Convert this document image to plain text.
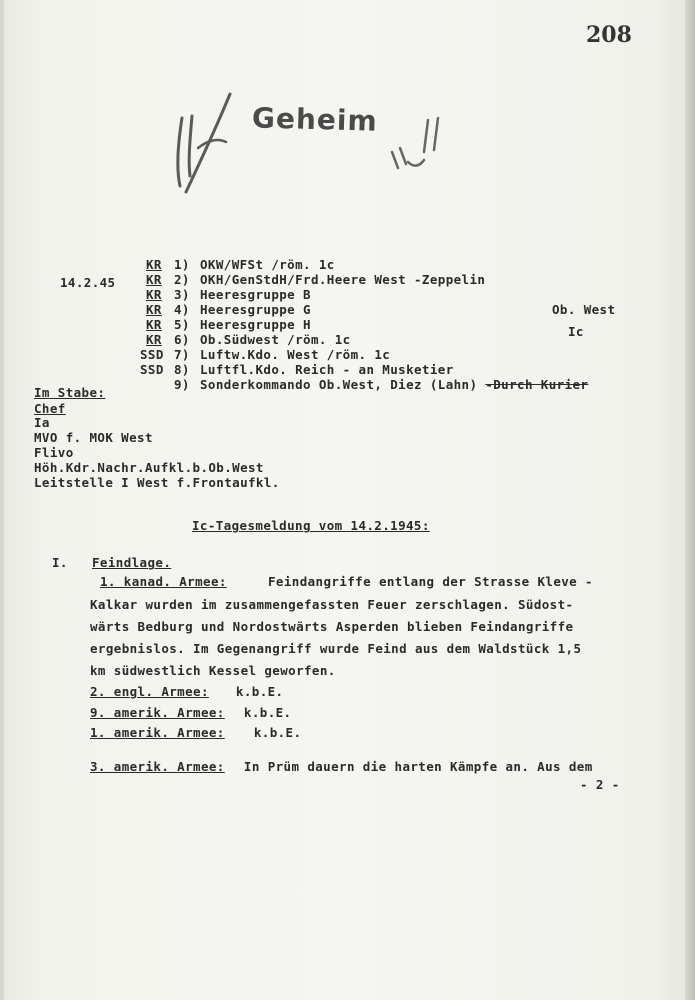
208
Geheim
14.2.45
KR 1) OKW/WFSt /röm. 1c
KR 2) OKH/GenStdH/Frd.Heere West -Zeppelin
KR 3) Heeresgruppe B
KR 4) Heeresgruppe G
KR 5) Heeresgruppe H
KR 6) Ob.Südwest /röm. 1c
SSD 7) Luftw.Kdo. West /röm. 1c
SSD 8) Luftfl.Kdo. Reich - an Musketier
9) Sonderkommando Ob.West, Diez (Lahn) -Durch Kurier
Ob. West
Ic
Im Stabe:
Chef
Ia
MVO f. MOK West
Flivo
Höh.Kdr.Nachr.Aufkl.b.Ob.West
Leitstelle I West f.Frontaufkl.
Ic-Tagesmeldung vom 14.2.1945:
I. Feindlage.
1. kanad. Armee:	Feindangriffe entlang der Strasse Kleve -
Kalkar wurden im zusammengefassten Feuer zerschlagen. Südost-
wärts Bedburg und Nordostwärts Asperden blieben Feindangriffe
ergebnislos. Im Gegenangriff wurde Feind aus dem Waldstück 1,5
km südwestlich Kessel geworfen.
2. engl. Armee: k.b.E.
9. amerik. Armee: k.b.E.
1. amerik. Armee: k.b.E.
3. amerik. Armee: In Prüm dauern die harten Kämpfe an. Aus dem
- 2 -
